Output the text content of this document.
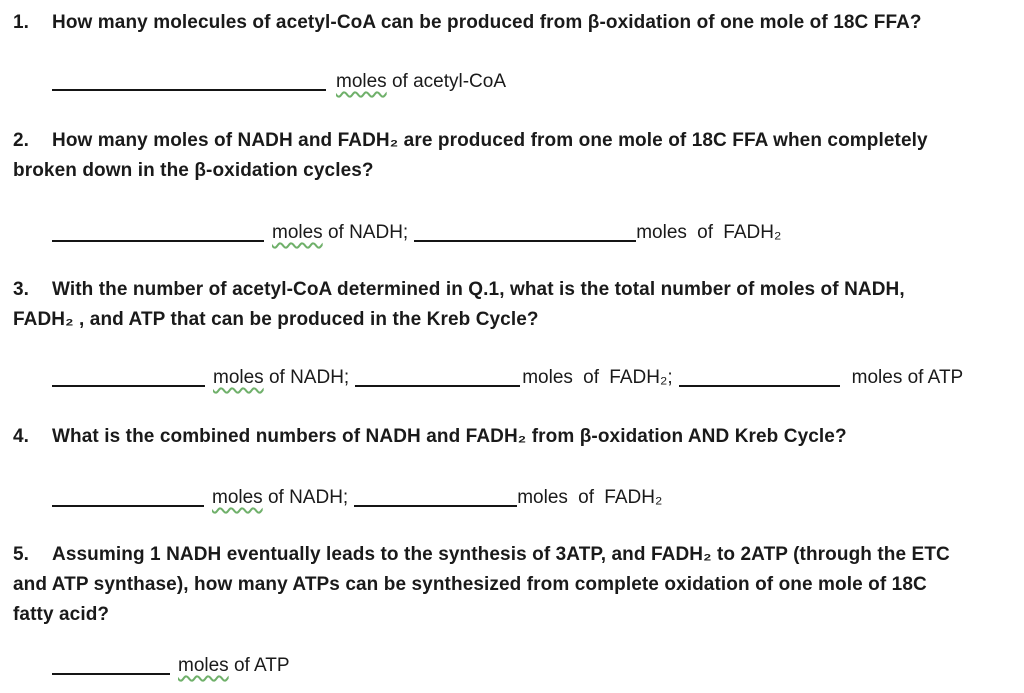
1. How many molecules of acetyl-CoA can be produced from β-oxidation of one mole of 18C FFA?
moles of acetyl-CoA
2. How many moles of NADH and FADH₂ are produced from one mole of 18C FFA when completely
broken down in the β-oxidation cycles?
moles of NADH;	moles of FADH₂
3. With the number of acetyl-CoA determined in Q.1, what is the total number of moles of NADH,
FADH₂ , and ATP that can be produced in the Kreb Cycle?
moles of NADH;	moles of FADH₂;	moles of ATP
4. What is the combined numbers of NADH and FADH₂ from β-oxidation AND Kreb Cycle?
moles of NADH;	moles of FADH₂
5. Assuming 1 NADH eventually leads to the synthesis of 3ATP, and FADH₂ to 2ATP (through the ETC
and ATP synthase), how many ATPs can be synthesized from complete oxidation of one mole of 18C
fatty acid?
moles of ATP
